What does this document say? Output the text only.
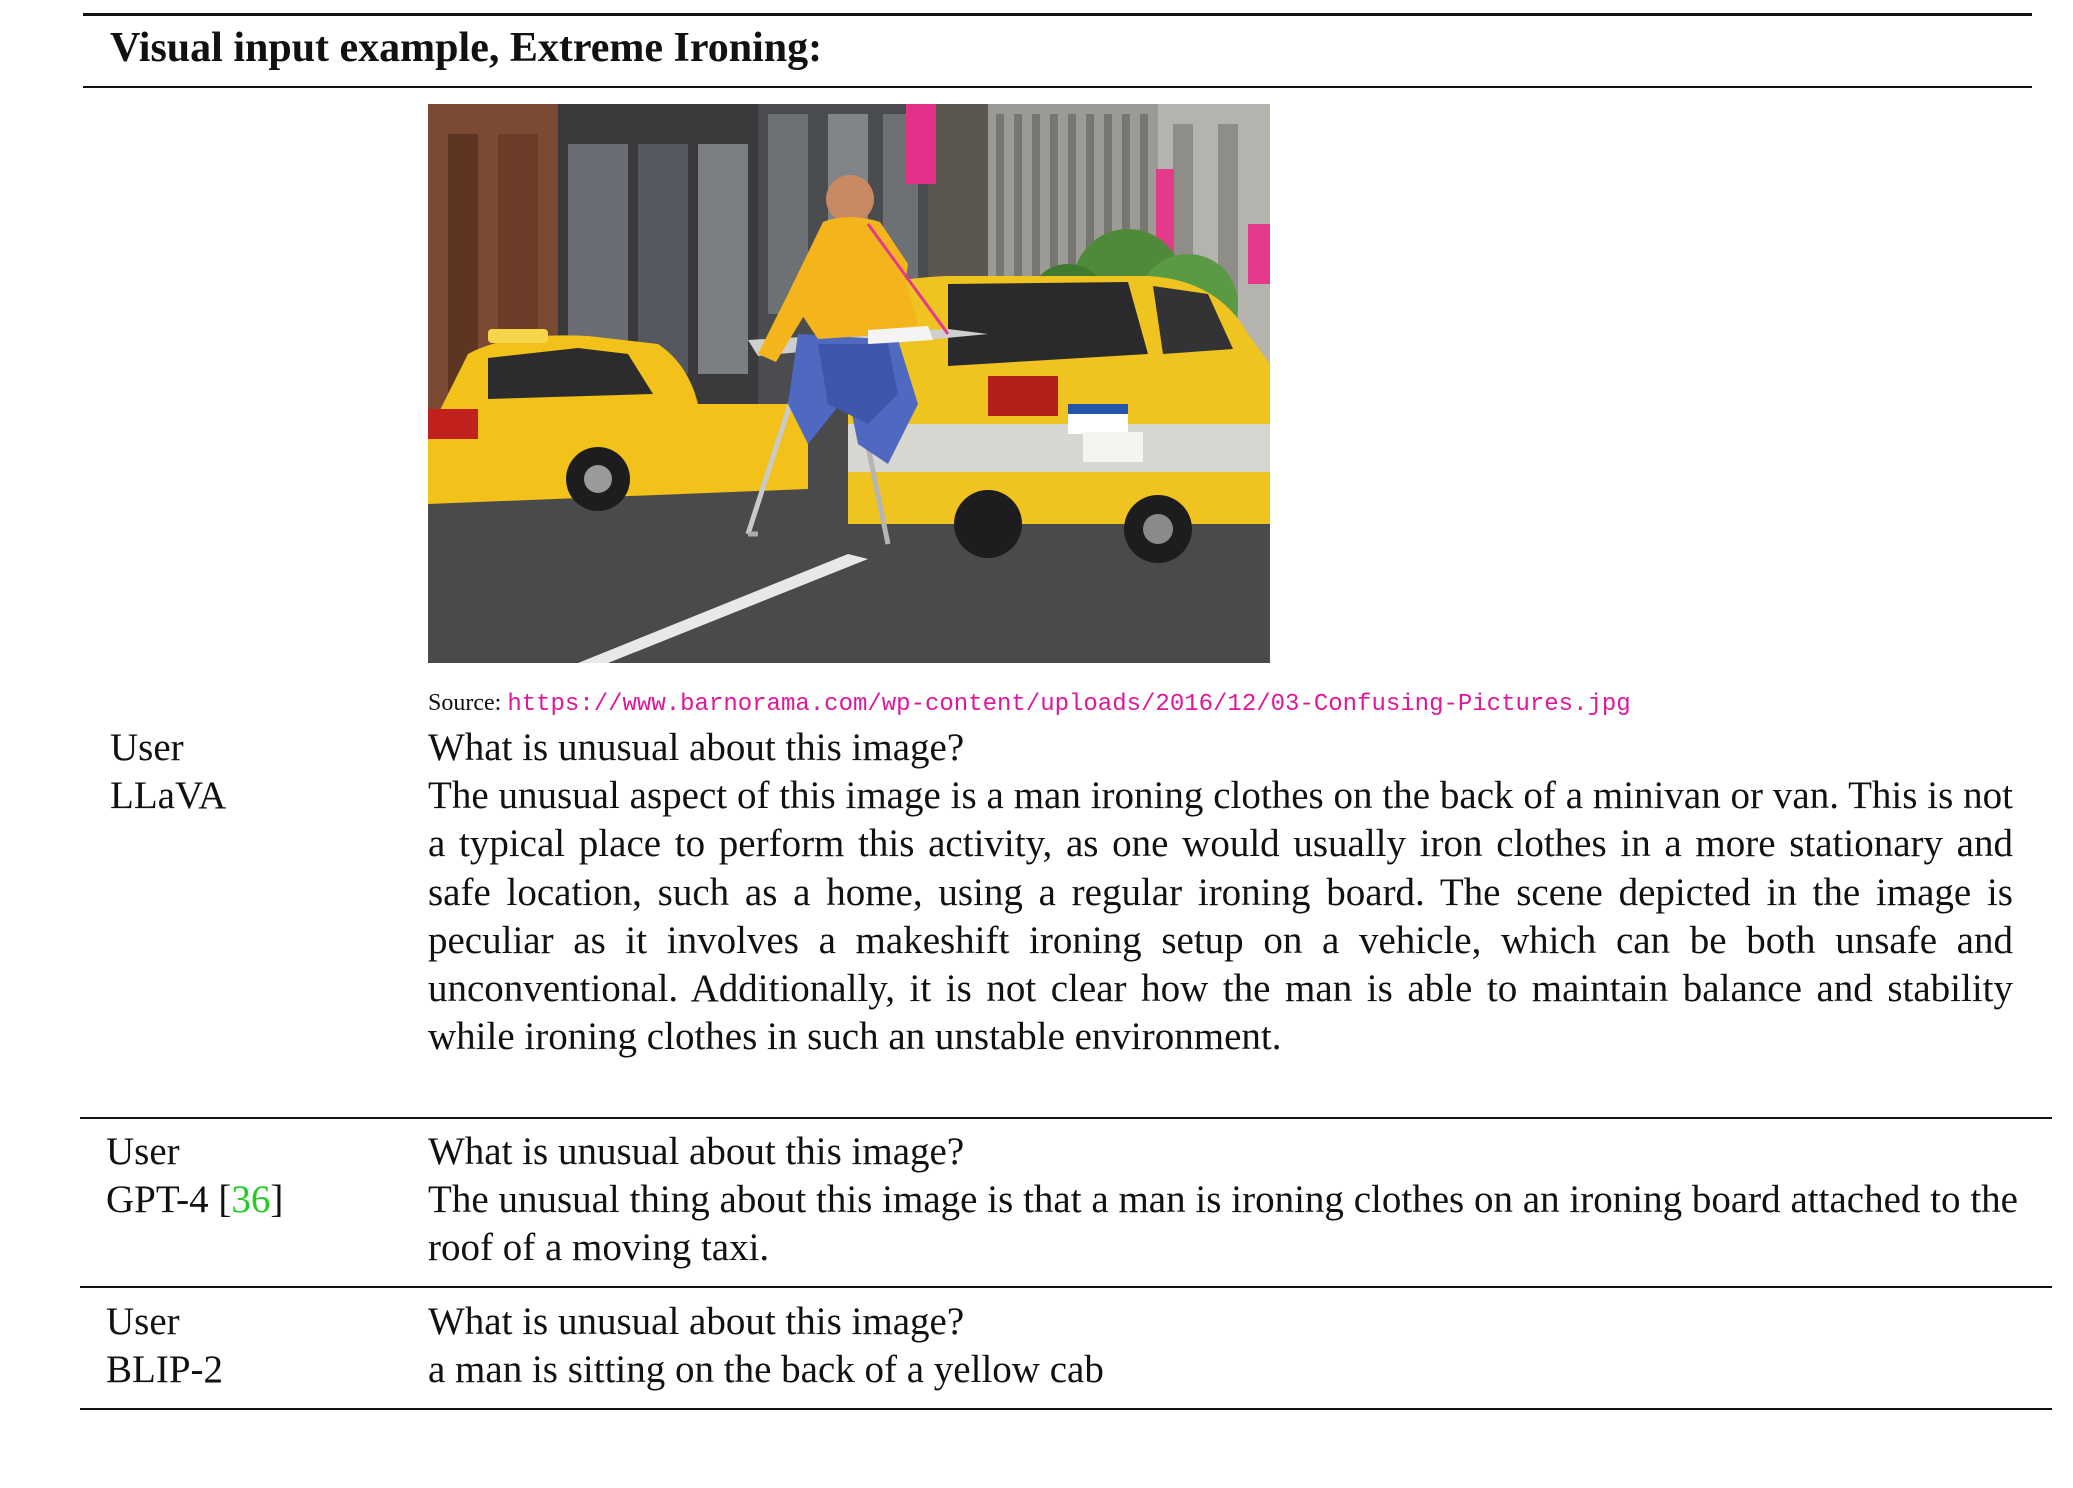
Visual input example, Extreme Ironing:
Source: https://www.barnorama.com/wp-content/uploads/2016/12/03-Confusing-Pictures.jpg
User
LLaVA
What is unusual about this image?
The unusual aspect of this image is a man ironing clothes on the back of a minivan or van. This is not a typical place to perform this activity, as one would usually iron clothes in a more stationary and safe location, such as a home, using a regular ironing board. The scene depicted in the image is peculiar as it involves a makeshift ironing setup on a vehicle, which can be both unsafe and unconventional. Additionally, it is not clear how the man is able to maintain balance and stability while ironing clothes in such an unstable environment.
User
GPT-4 [36]
What is unusual about this image?
The unusual thing about this image is that a man is ironing clothes on an ironing board attached to the roof of a moving taxi.
User
BLIP-2
What is unusual about this image?
a man is sitting on the back of a yellow cab
